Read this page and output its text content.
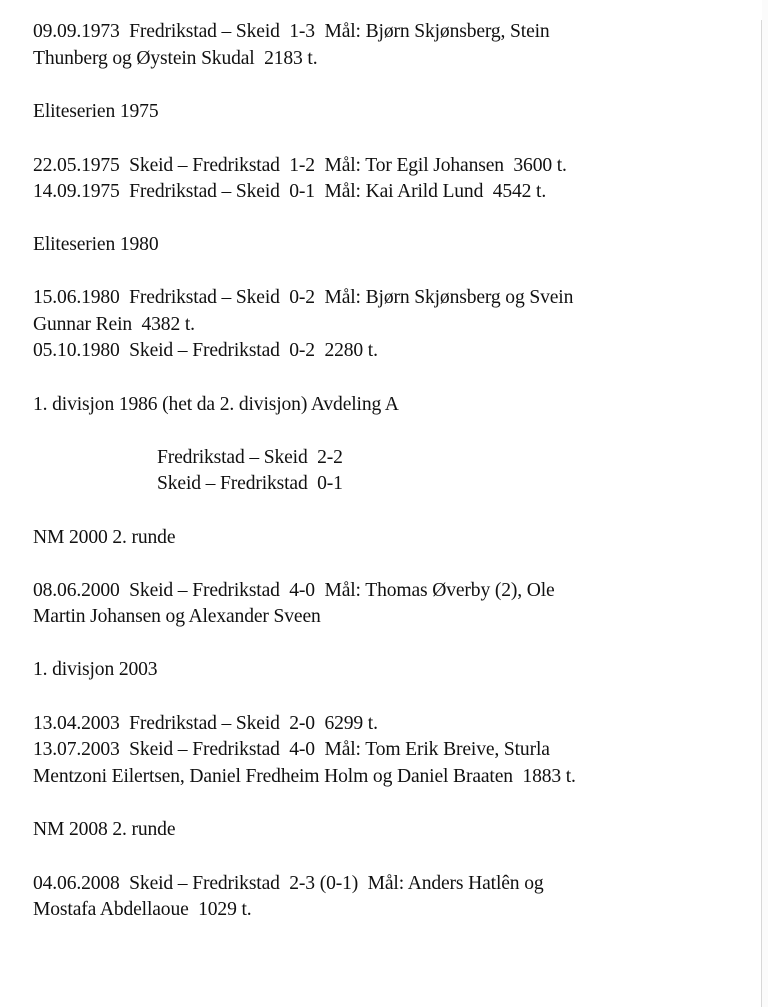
09.09.1973  Fredrikstad – Skeid  1-3  Mål: Bjørn Skjønsberg, Stein
Thunberg og Øystein Skudal  2183 t.
Eliteserien 1975
22.05.1975  Skeid – Fredrikstad  1-2  Mål: Tor Egil Johansen  3600 t.
14.09.1975  Fredrikstad – Skeid  0-1  Mål: Kai Arild Lund  4542 t.
Eliteserien 1980
15.06.1980  Fredrikstad – Skeid  0-2  Mål: Bjørn Skjønsberg og Svein
Gunnar Rein  4382 t.
05.10.1980  Skeid – Fredrikstad  0-2  2280 t.
1. divisjon 1986 (het da 2. divisjon) Avdeling A
Fredrikstad – Skeid  2-2
Skeid – Fredrikstad  0-1
NM 2000 2. runde
08.06.2000  Skeid – Fredrikstad  4-0  Mål: Thomas Øverby (2), Ole
Martin Johansen og Alexander Sveen
1. divisjon 2003
13.04.2003  Fredrikstad – Skeid  2-0  6299 t.
13.07.2003  Skeid – Fredrikstad  4-0  Mål: Tom Erik Breive, Sturla
Mentzoni Eilertsen, Daniel Fredheim Holm og Daniel Braaten  1883 t.
NM 2008 2. runde
04.06.2008  Skeid – Fredrikstad  2-3 (0-1)  Mål: Anders Hatlên og
Mostafa Abdellaoue  1029 t.
